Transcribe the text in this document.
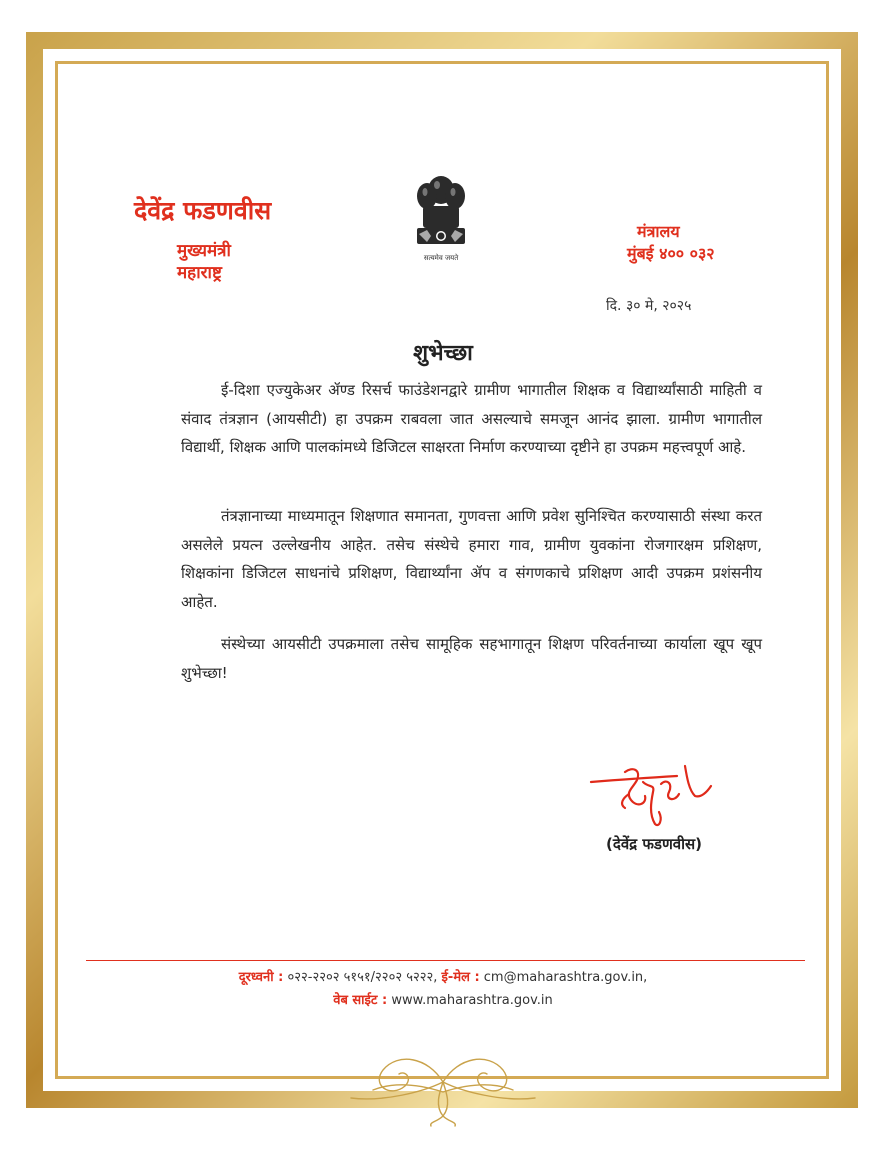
देवेंद्र फडणवीस
मुख्यमंत्री
महाराष्ट्र
सत्यमेव जयते
मंत्रालय
मुंबई ४०० ०३२
दि. ३० मे, २०२५
शुभेच्छा
ई-दिशा एज्युकेअर ॲण्ड रिसर्च फाउंडेशनद्वारे ग्रामीण भागातील शिक्षक व विद्यार्थ्यांसाठी माहिती व संवाद तंत्रज्ञान (आयसीटी) हा उपक्रम राबवला जात असल्याचे समजून आनंद झाला. ग्रामीण भागातील विद्यार्थी, शिक्षक आणि पालकांमध्ये डिजिटल साक्षरता निर्माण करण्याच्या दृष्टीने हा उपक्रम महत्त्वपूर्ण आहे.
तंत्रज्ञानाच्या माध्यमातून शिक्षणात समानता, गुणवत्ता आणि प्रवेश सुनिश्चित करण्यासाठी संस्था करत असलेले प्रयत्न उल्लेखनीय आहेत. तसेच संस्थेचे हमारा गाव, ग्रामीण युवकांना रोजगारक्षम प्रशिक्षण, शिक्षकांना डिजिटल साधनांचे प्रशिक्षण, विद्यार्थ्यांना ॲप व संगणकाचे प्रशिक्षण आदी उपक्रम प्रशंसनीय आहेत.
संस्थेच्या आयसीटी उपक्रमाला तसेच सामूहिक सहभागातून शिक्षण परिवर्तनाच्या कार्याला खूप खूप शुभेच्छा!
(देवेंद्र फडणवीस)
दूरध्वनी : ०२२-२२०२ ५१५१/२२०२ ५२२२, ई-मेल : cm@maharashtra.gov.in,
वेब साईट : www.maharashtra.gov.in
